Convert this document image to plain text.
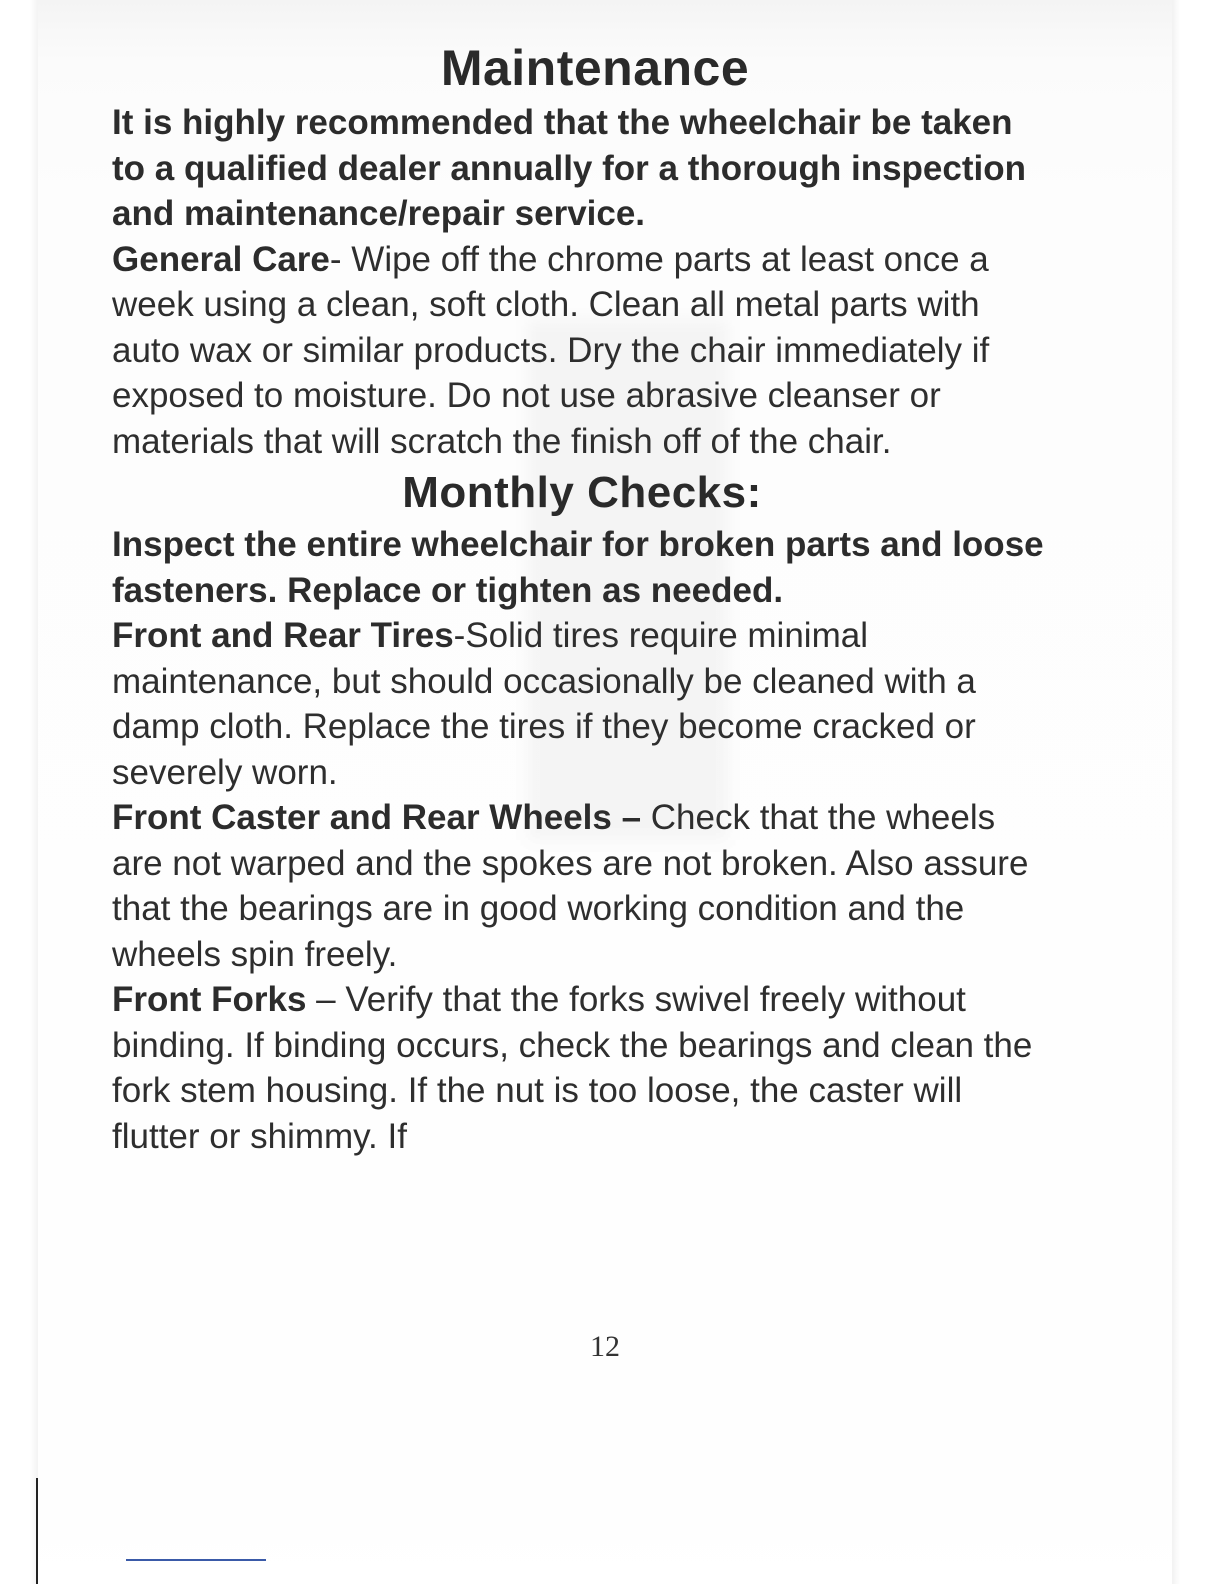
12
Maintenance

It is highly recommended that the wheelchair be taken to a qualified dealer annually for a thorough inspection and maintenance/repair service.

General Care- Wipe off the chrome parts at least once a week using a clean, soft cloth. Clean all metal parts with auto wax or similar products. Dry the chair immediately if exposed to moisture. Do not use abrasive cleanser or materials that will scratch the finish off of the chair.

Monthly Checks:

Inspect the entire wheelchair for broken parts and loose fasteners. Replace or tighten as needed.

Front and Rear Tires-Solid tires require minimal maintenance, but should occasionally be cleaned with a damp cloth. Replace the tires if they become cracked or severely worn.

Front Caster and Rear Wheels – Check that the wheels are not warped and the spokes are not broken. Also assure that the bearings are in good working condition and the wheels spin freely.

Front Forks – Verify that the forks swivel freely without binding. If binding occurs, check the bearings and clean the fork stem housing. If the nut is too loose, the caster will flutter or shimmy. If
